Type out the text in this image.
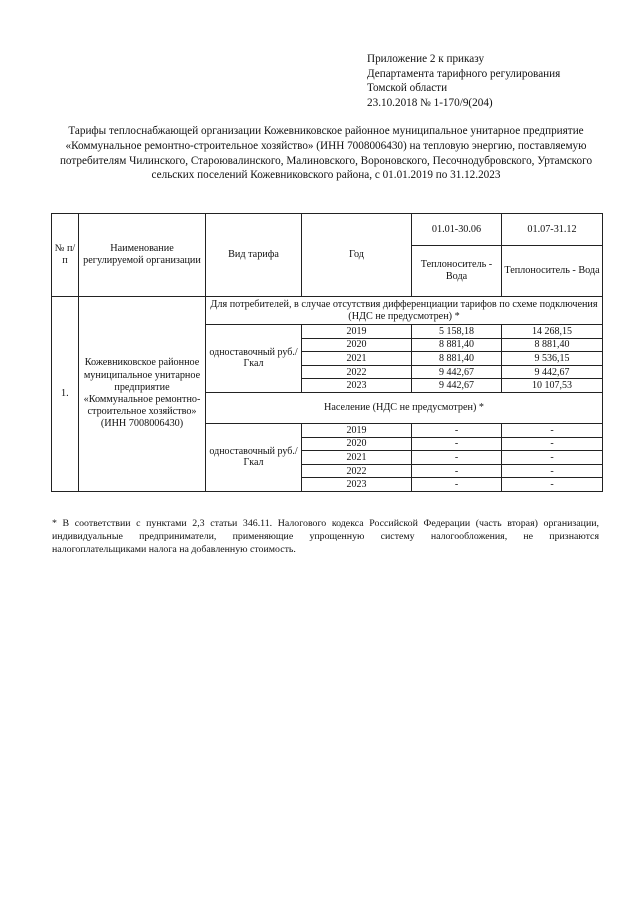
Приложение 2 к приказу
Департамента тарифного регулирования
Томской области
23.10.2018 № 1-170/9(204)
Тарифы теплоснабжающей организации Кожевниковское районное муниципальное унитарное предприятие «Коммунальное ремонтно-строительное хозяйство» (ИНН 7008006430) на тепловую энергию, поставляемую потребителям Чилинского, Староювалинского, Малиновского, Вороновского, Песочнодубровского, Уртамского сельских поселений Кожевниковского района, с 01.01.2019 по 31.12.2023
№ п/п	Наименование регулируемой организации	Вид тарифа	Год	01.01-30.06	01.07-31.12
				Теплоноситель - Вода	Теплоноситель - Вода
1.	Кожевниковское районное муниципальное унитарное предприятие «Коммунальное ремонтно-строительное хозяйство» (ИНН 7008006430)	Для потребителей, в случае отсутствия дифференциации тарифов по схеме подключения (НДС не предусмотрен) *			
		одноставочный руб./Гкал	2019	5 158,18	14 268,15
			2020	8 881,40	8 881,40
			2021	8 881,40	9 536,15
			2022	9 442,67	9 442,67
			2023	9 442,67	10 107,53
		Население (НДС не предусмотрен) *			
		одноставочный руб./Гкал	2019	-	-
			2020	-	-
			2021	-	-
			2022	-	-
			2023	-	-
* В соответствии с пунктами 2,3 статьи 346.11. Налогового кодекса Российской Федерации (часть вторая) организации, индивидуальные предприниматели, применяющие упрощенную систему налогообложения, не признаются налогоплательщиками налога на добавленную стоимость.
